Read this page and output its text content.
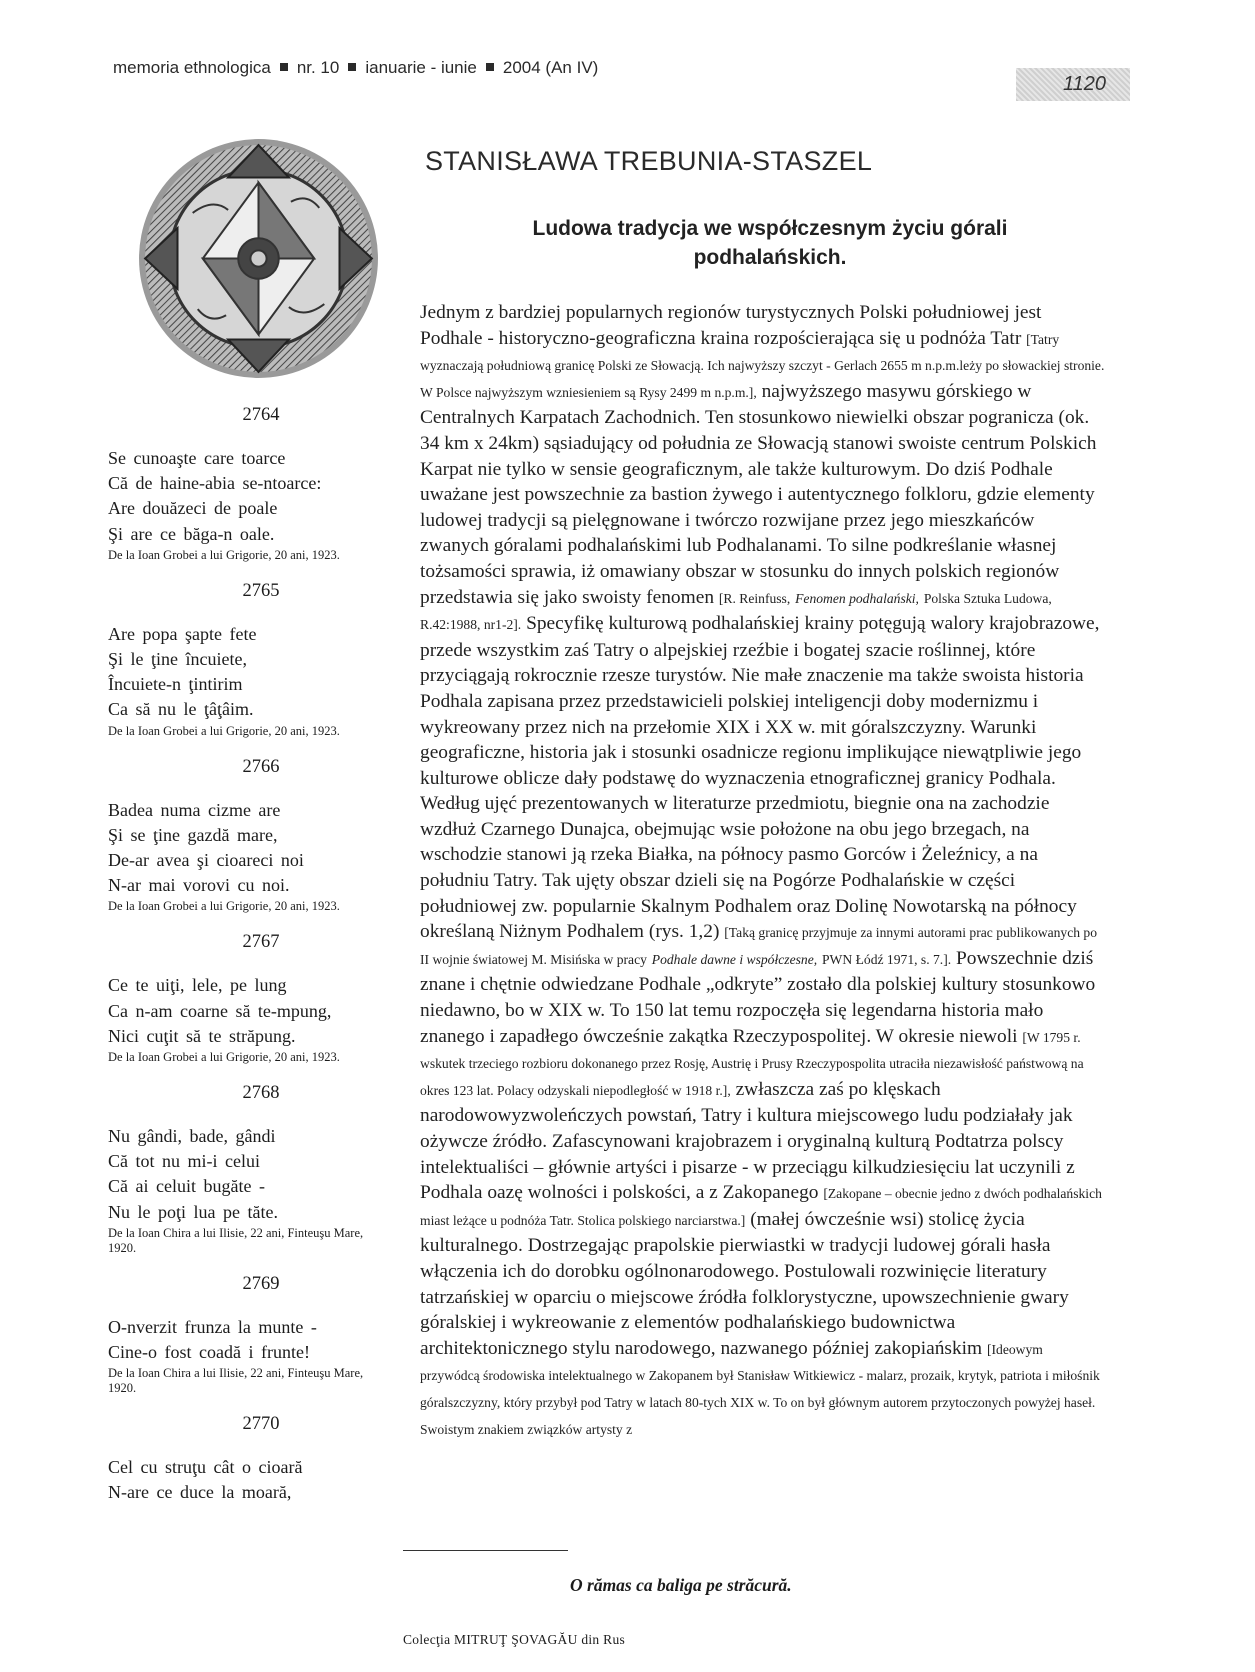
memoria ethnologica nr. 10 ianuarie - iunie 2004 (An IV)
1120
STANISŁAWA TREBUNIA-STASZEL
Ludowa tradycja we współczesnym życiu górali
podhalańskich.
Jednym z bardziej popularnych regionów turystycznych Polski południowej jest Podhale - historyczno-geograficzna kraina rozpościerająca się u podnóża Tatr [Tatry wyznaczają południową granicę Polski ze Słowacją. Ich najwyższy szczyt - Gerlach 2655 m n.p.m.leży po słowackiej stronie. W Polsce najwyższym wzniesieniem są Rysy 2499 m n.p.m.], najwyższego masywu górskiego w Centralnych Karpatach Zachodnich. Ten stosunkowo niewielki obszar pogranicza (ok. 34 km x 24km) sąsiadujący od południa ze Słowacją stanowi swoiste centrum Polskich Karpat nie tylko w sensie geograficznym, ale także kulturowym. Do dziś Podhale uważane jest powszechnie za bastion żywego i autentycznego folkloru, gdzie elementy ludowej tradycji są pielęgnowane i twórczo rozwijane przez jego mieszkańców zwanych góralami podhalańskimi lub Podhalanami. To silne podkreślanie własnej tożsamości sprawia, iż omawiany obszar w stosunku do innych polskich regionów przedstawia się jako swoisty fenomen [R. Reinfuss, Fenomen podhalański, Polska Sztuka Ludowa, R.42:1988, nr1-2]. Specyfikę kulturową podhalańskiej krainy potęgują walory krajobrazowe, przede wszystkim zaś Tatry o alpejskiej rzeźbie i bogatej szacie roślinnej, które przyciągają rokrocznie rzesze turystów. Nie małe znaczenie ma także swoista historia Podhala zapisana przez przedstawicieli polskiej inteligencji doby modernizmu i wykreowany przez nich na przełomie XIX i XX w. mit góralszczyzny. Warunki geograficzne, historia jak i stosunki osadnicze regionu implikujące niewątpliwie jego kulturowe oblicze dały podstawę do wyznaczenia etnograficznej granicy Podhala. Według ujęć prezentowanych w literaturze przedmiotu, biegnie ona na zachodzie wzdłuż Czarnego Dunajca, obejmując wsie położone na obu jego brzegach, na wschodzie stanowi ją rzeka Białka, na północy pasmo Gorców i Żeleźnicy, a na południu Tatry. Tak ujęty obszar dzieli się na Pogórze Podhalańskie w części południowej zw. popularnie Skalnym Podhalem oraz Dolinę Nowotarską na północy określaną Niżnym Podhalem (rys. 1,2) [Taką granicę przyjmuje za innymi autorami prac publikowanych po II wojnie światowej M. Misińska w pracy Podhale dawne i współczesne, PWN Łódź 1971, s. 7.]. Powszechnie dziś znane i chętnie odwiedzane Podhale „odkryte” zostało dla polskiej kultury stosunkowo niedawno, bo w XIX w. To 150 lat temu rozpoczęła się legendarna historia mało znanego i zapadłego ówcześnie zakątka Rzeczypospolitej. W okresie niewoli [W 1795 r. wskutek trzeciego rozbioru dokonanego przez Rosję, Austrię i Prusy Rzeczypospolita utraciła niezawisłość państwową na okres 123 lat. Polacy odzyskali niepodległość w 1918 r.], zwłaszcza zaś po klęskach narodowowyzwoleńczych powstań, Tatry i kultura miejscowego ludu podziałały jak ożywcze źródło. Zafascynowani krajobrazem i oryginalną kulturą Podtatrza polscy intelektualiści – głównie artyści i pisarze - w przeciągu kilkudziesięciu lat uczynili z Podhala oazę wolności i polskości, a z Zakopanego [Zakopane – obecnie jedno z dwóch podhalańskich miast leżące u podnóża Tatr. Stolica polskiego narciarstwa.] (małej ówcześnie wsi) stolicę życia kulturalnego. Dostrzegając prapolskie pierwiastki w tradycji ludowej górali hasła włączenia ich do dorobku ogólnonarodowego. Postulowali rozwinięcie literatury tatrzańskiej w oparciu o miejscowe źródła folklorystyczne, upowszechnienie gwary góralskiej i wykreowanie z elementów podhalańskiego budownictwa architektonicznego stylu narodowego, nazwanego później zakopiańskim [Ideowym przywódcą środowiska intelektualnego w Zakopanem był Stanisław Witkiewicz - malarz, prozaik, krytyk, patriota i miłośnik góralszczyzny, który przybył pod Tatry w latach 80-tych XIX w. To on był głównym autorem przytoczonych powyżej haseł. Swoistym znakiem związków artysty z
2764
Se cunoaşte care toarce
Că de haine-abia se-ntoarce:
Are douăzeci de poale
Şi are ce băga-n oale.
De la Ioan Grobei a lui Grigorie, 20 ani, 1923.
2765
Are popa şapte fete
Şi le ţine încuiete,
Încuiete-n ţintirim
Ca să nu le ţâţâim.
De la Ioan Grobei a lui Grigorie, 20 ani, 1923.
2766
Badea numa cizme are
Şi se ţine gazdă mare,
De-ar avea şi cioareci noi
N-ar mai vorovi cu noi.
De la Ioan Grobei a lui Grigorie, 20 ani, 1923.
2767
Ce te uiţi, lele, pe lung
Ca n-am coarne să te-mpung,
Nici cuţit să te străpung.
De la Ioan Grobei a lui Grigorie, 20 ani, 1923.
2768
Nu gândi, bade, gândi
Că tot nu mi-i celui
Că ai celuit bugăte -
Nu le poţi lua pe tăte.
De la Ioan Chira a lui Ilisie, 22 ani, Finteuşu Mare, 1920.
2769
O-nverzit frunza la munte -
Cine-o fost coadă i frunte!
De la Ioan Chira a lui Ilisie, 22 ani, Finteuşu Mare, 1920.
2770
Cel cu struţu cât o cioară
N-are ce duce la moară,
O rămas ca baliga pe străcură.
Colecţia MITRUŢ ŞOVAGĂU din Rus
